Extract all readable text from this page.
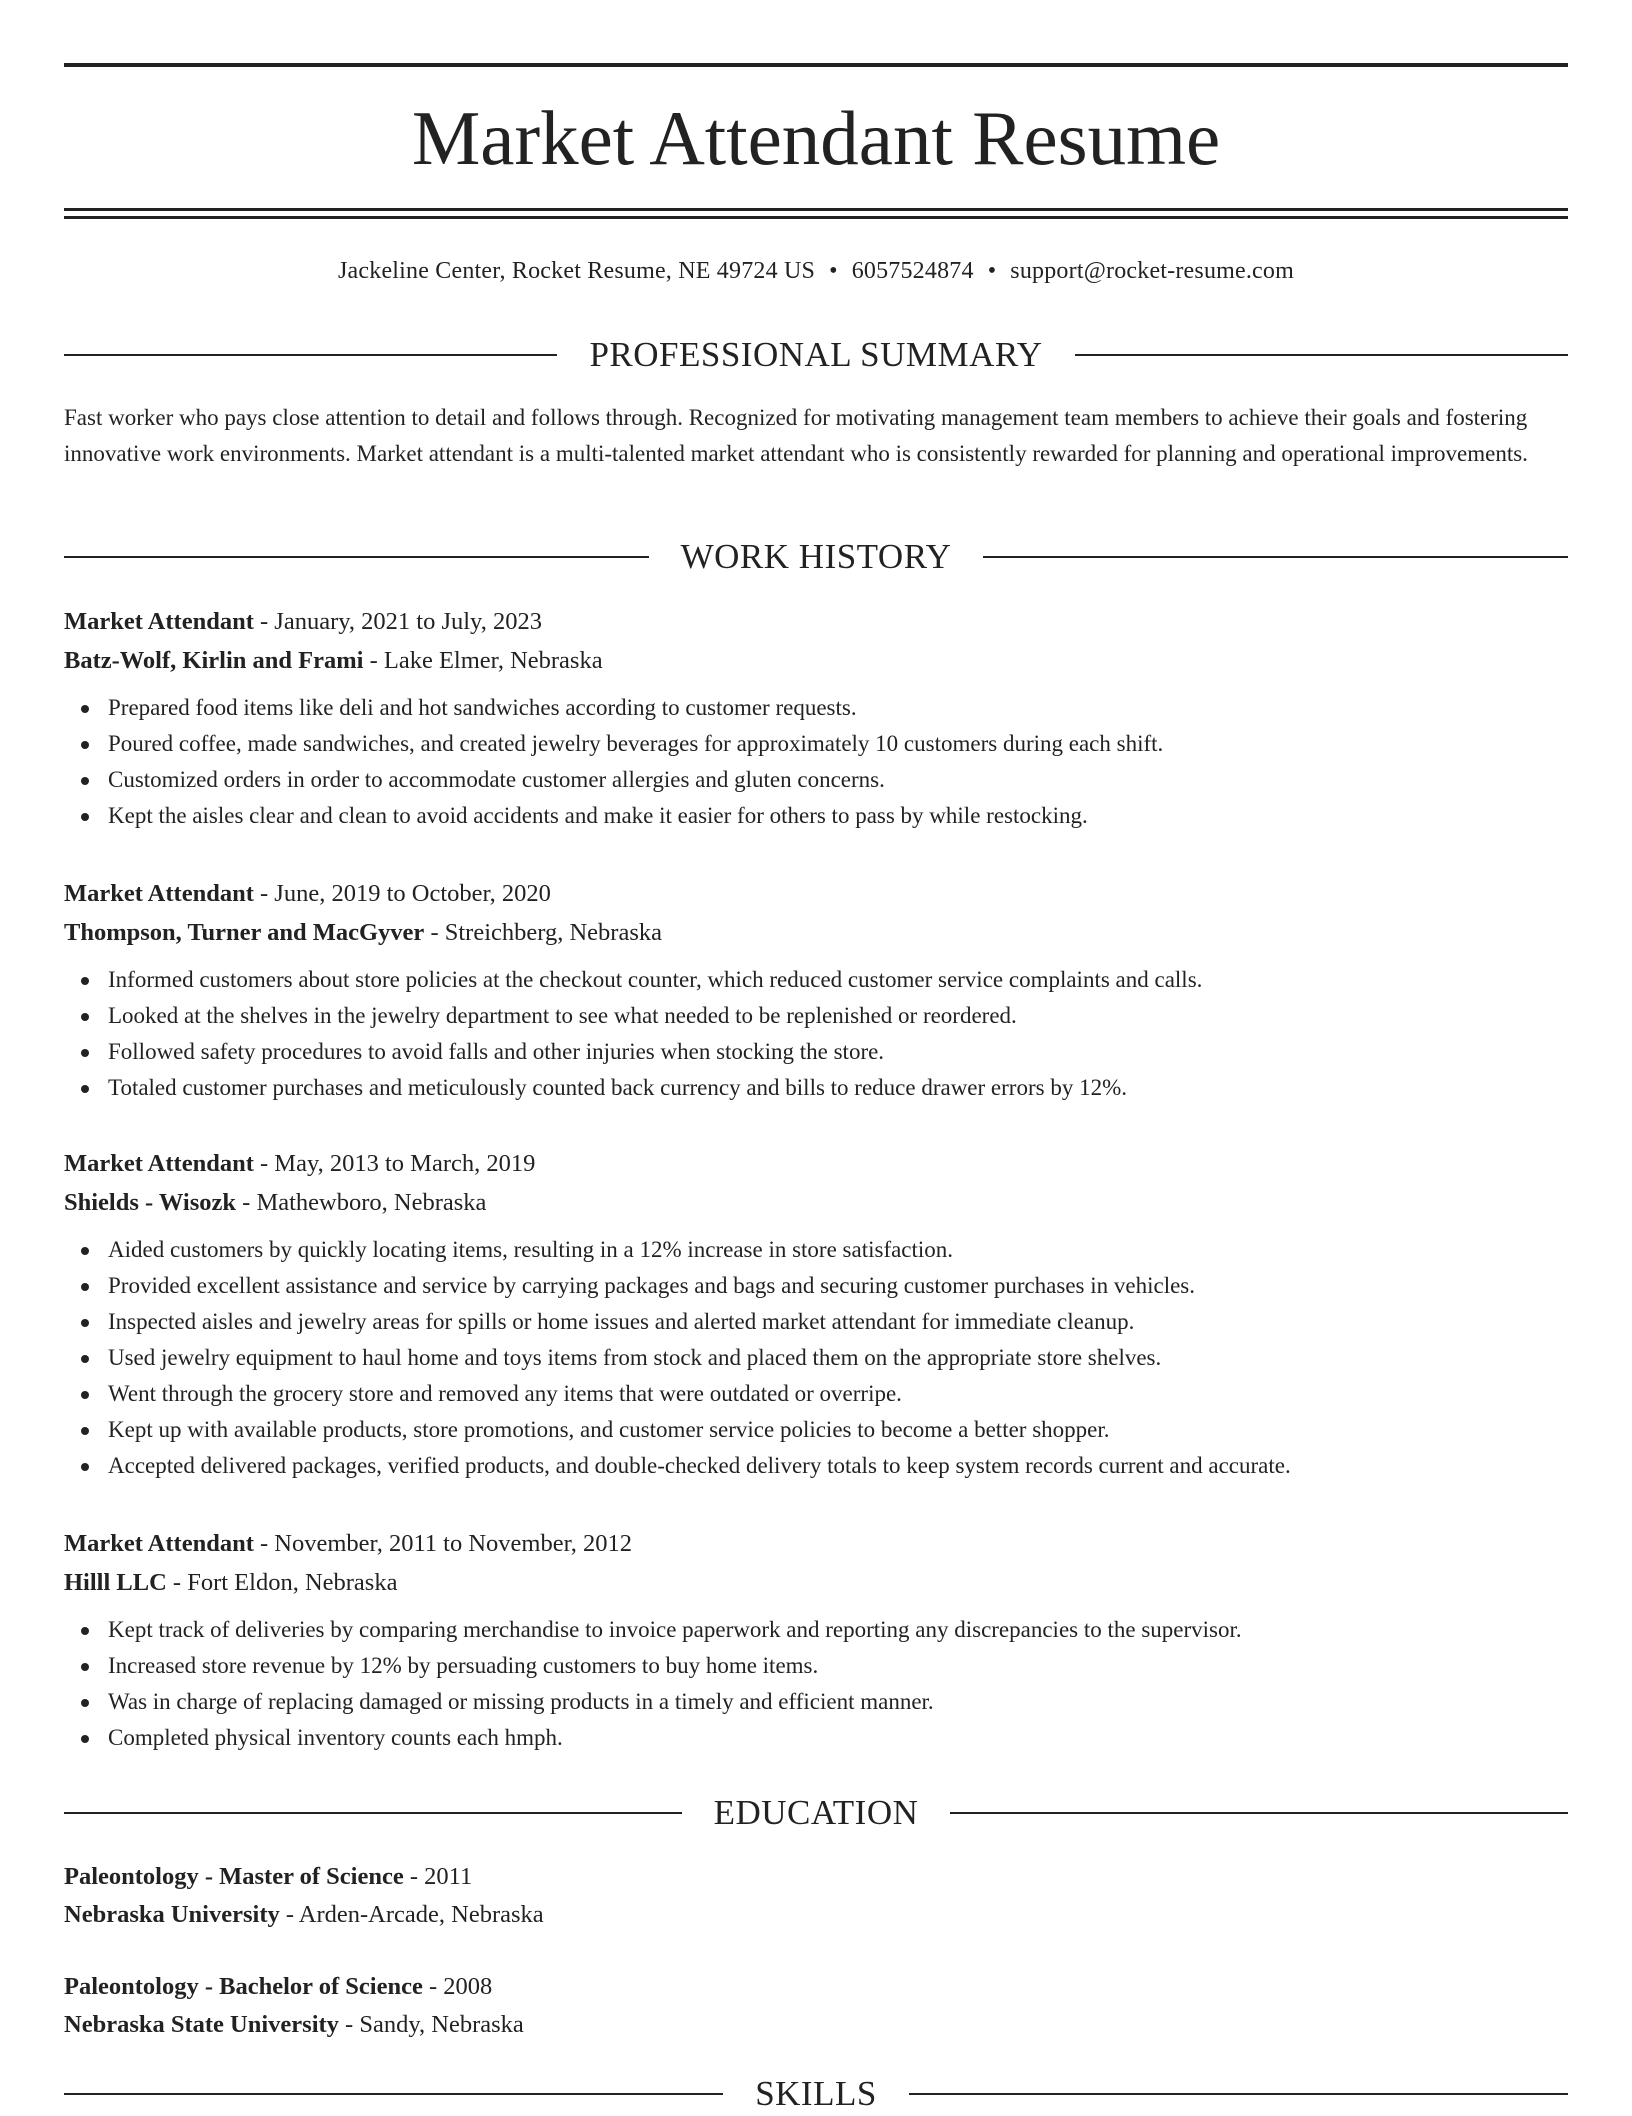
Market Attendant Resume
Jackeline Center, Rocket Resume, NE 49724 US • 6057524874 • support@rocket-resume.com
PROFESSIONAL SUMMARY

Fast worker who pays close attention to detail and follows through. Recognized for motivating management team members to achieve their goals and fostering innovative work environments. Market attendant is a multi-talented market attendant who is consistently rewarded for planning and operational improvements.

WORK HISTORY

Market Attendant - January, 2021 to July, 2023

Batz-Wolf, Kirlin and Frami - Lake Elmer, Nebraska

Prepared food items like deli and hot sandwiches according to customer requests.
Poured coffee, made sandwiches, and created jewelry beverages for approximately 10 customers during each shift.
Customized orders in order to accommodate customer allergies and gluten concerns.
Kept the aisles clear and clean to avoid accidents and make it easier for others to pass by while restocking.

Market Attendant - June, 2019 to October, 2020

Thompson, Turner and MacGyver - Streichberg, Nebraska

Informed customers about store policies at the checkout counter, which reduced customer service complaints and calls.
Looked at the shelves in the jewelry department to see what needed to be replenished or reordered.
Followed safety procedures to avoid falls and other injuries when stocking the store.
Totaled customer purchases and meticulously counted back currency and bills to reduce drawer errors by 12%.

Market Attendant - May, 2013 to March, 2019

Shields - Wisozk - Mathewboro, Nebraska

Aided customers by quickly locating items, resulting in a 12% increase in store satisfaction.
Provided excellent assistance and service by carrying packages and bags and securing customer purchases in vehicles.
Inspected aisles and jewelry areas for spills or home issues and alerted market attendant for immediate cleanup.
Used jewelry equipment to haul home and toys items from stock and placed them on the appropriate store shelves.
Went through the grocery store and removed any items that were outdated or overripe.
Kept up with available products, store promotions, and customer service policies to become a better shopper.
Accepted delivered packages, verified products, and double-checked delivery totals to keep system records current and accurate.

Market Attendant - November, 2011 to November, 2012

Hilll LLC - Fort Eldon, Nebraska

Kept track of deliveries by comparing merchandise to invoice paperwork and reporting any discrepancies to the supervisor.
Increased store revenue by 12% by persuading customers to buy home items.
Was in charge of replacing damaged or missing products in a timely and efficient manner.
Completed physical inventory counts each hmph.
EDUCATION

Paleontology - Master of Science - 2011

Nebraska University - Arden-Arcade, Nebraska

Paleontology - Bachelor of Science - 2008

Nebraska State University - Sandy, Nebraska

SKILLS
